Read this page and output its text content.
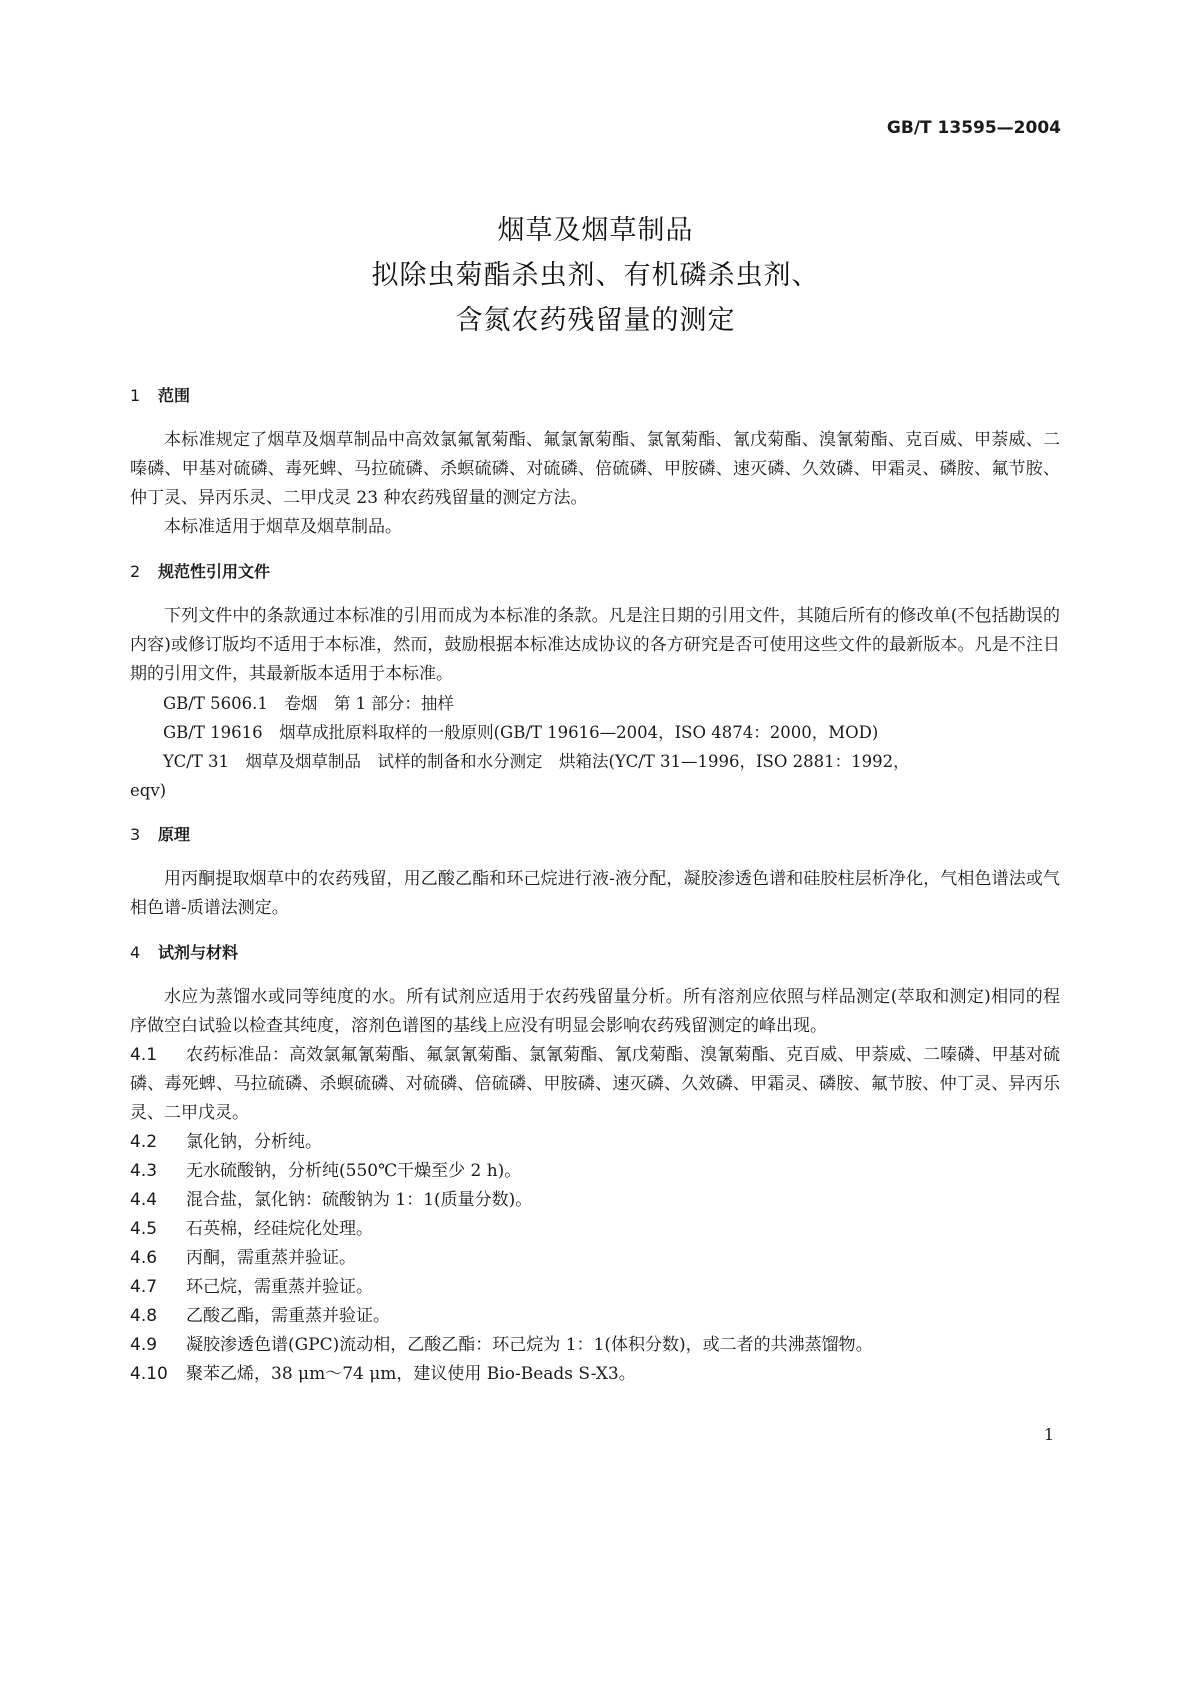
GB/T 13595—2004
烟草及烟草制品
拟除虫菊酯杀虫剂、有机磷杀虫剂、
含氮农药残留量的测定
1 范围
本标准规定了烟草及烟草制品中高效氯氟氰菊酯、氟氯氰菊酯、氯氰菊酯、氰戊菊酯、溴氰菊酯、克百威、甲萘威、二嗪磷、甲基对硫磷、毒死蜱、马拉硫磷、杀螟硫磷、对硫磷、倍硫磷、甲胺磷、速灭磷、久效磷、甲霜灵、磷胺、氟节胺、仲丁灵、异丙乐灵、二甲戊灵 23 种农药残留量的测定方法。
本标准适用于烟草及烟草制品。
2 规范性引用文件
下列文件中的条款通过本标准的引用而成为本标准的条款。凡是注日期的引用文件，其随后所有的修改单(不包括勘误的内容)或修订版均不适用于本标准，然而，鼓励根据本标准达成协议的各方研究是否可使用这些文件的最新版本。凡是不注日期的引用文件，其最新版本适用于本标准。
GB/T 5606.1　卷烟　第 1 部分：抽样
GB/T 19616　烟草成批原料取样的一般原则(GB/T 19616—2004，ISO 4874：2000，MOD)
YC/T 31　烟草及烟草制品　试样的制备和水分测定　烘箱法(YC/T 31—1996，ISO 2881：1992，
eqv)
3 原理
用丙酮提取烟草中的农药残留，用乙酸乙酯和环己烷进行液-液分配，凝胶渗透色谱和硅胶柱层析净化，气相色谱法或气相色谱-质谱法测定。
4 试剂与材料
水应为蒸馏水或同等纯度的水。所有试剂应适用于农药残留量分析。所有溶剂应依照与样品测定(萃取和测定)相同的程序做空白试验以检查其纯度，溶剂色谱图的基线上应没有明显会影响农药残留测定的峰出现。
4.1 农药标准品：高效氯氟氰菊酯、氟氯氰菊酯、氯氰菊酯、氰戊菊酯、溴氰菊酯、克百威、甲萘威、二嗪磷、甲基对硫磷、毒死蜱、马拉硫磷、杀螟硫磷、对硫磷、倍硫磷、甲胺磷、速灭磷、久效磷、甲霜灵、磷胺、氟节胺、仲丁灵、异丙乐灵、二甲戊灵。
4.2 氯化钠，分析纯。
4.3 无水硫酸钠，分析纯(550℃干燥至少 2 h)。
4.4 混合盐，氯化钠：硫酸钠为 1：1(质量分数)。
4.5 石英棉，经硅烷化处理。
4.6 丙酮，需重蒸并验证。
4.7 环己烷，需重蒸并验证。
4.8 乙酸乙酯，需重蒸并验证。
4.9 凝胶渗透色谱(GPC)流动相，乙酸乙酯：环己烷为 1：1(体积分数)，或二者的共沸蒸馏物。
4.10 聚苯乙烯，38 μm～74 μm，建议使用 Bio-Beads S-X3。
1
